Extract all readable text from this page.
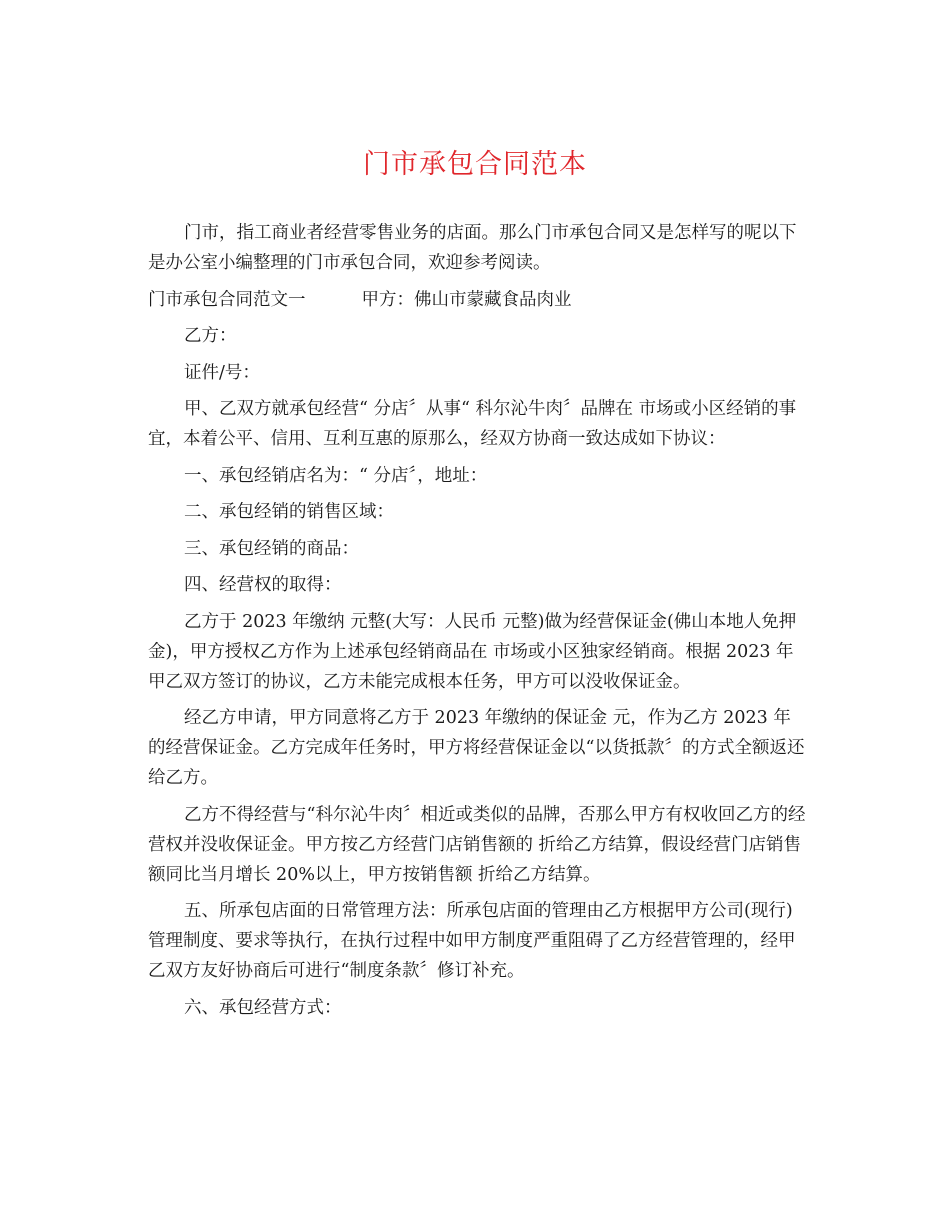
门市承包合同范本

门市，指工商业者经营零售业务的店面。那么门市承包合同又是怎样写的呢以下是办公室小编整理的门市承包合同，欢迎参考阅读。

门市承包合同范文一	甲方：佛山市蒙藏食品肉业

乙方：

证件/号：

甲、乙双方就承包经营“ 分店〞从事“ 科尔沁牛肉〞品牌在 市场或小区经销的事宜，本着公平、信用、互利互惠的原那么，经双方协商一致达成如下协议：

一、承包经销店名为：“ 分店〞，地址：

二、承包经销的销售区域：

三、承包经销的商品：

四、经营权的取得：

乙方于 2023 年缴纳 元整(大写：人民币 元整)做为经营保证金(佛山本地人免押金)，甲方授权乙方作为上述承包经销商品在 市场或小区独家经销商。根据 2023 年甲乙双方签订的协议，乙方未能完成根本任务，甲方可以没收保证金。

经乙方申请，甲方同意将乙方于 2023 年缴纳的保证金 元，作为乙方 2023 年的经营保证金。乙方完成年任务时，甲方将经营保证金以“以货抵款〞的方式全额返还给乙方。

乙方不得经营与“科尔沁牛肉〞相近或类似的品牌，否那么甲方有权收回乙方的经营权并没收保证金。甲方按乙方经营门店销售额的 折给乙方结算，假设经营门店销售额同比当月增长 20%以上，甲方按销售额 折给乙方结算。

五、所承包店面的日常管理方法：所承包店面的管理由乙方根据甲方公司(现行)管理制度、要求等执行，在执行过程中如甲方制度严重阻碍了乙方经营管理的，经甲乙双方友好协商后可进行“制度条款〞修订补充。

六、承包经营方式：
